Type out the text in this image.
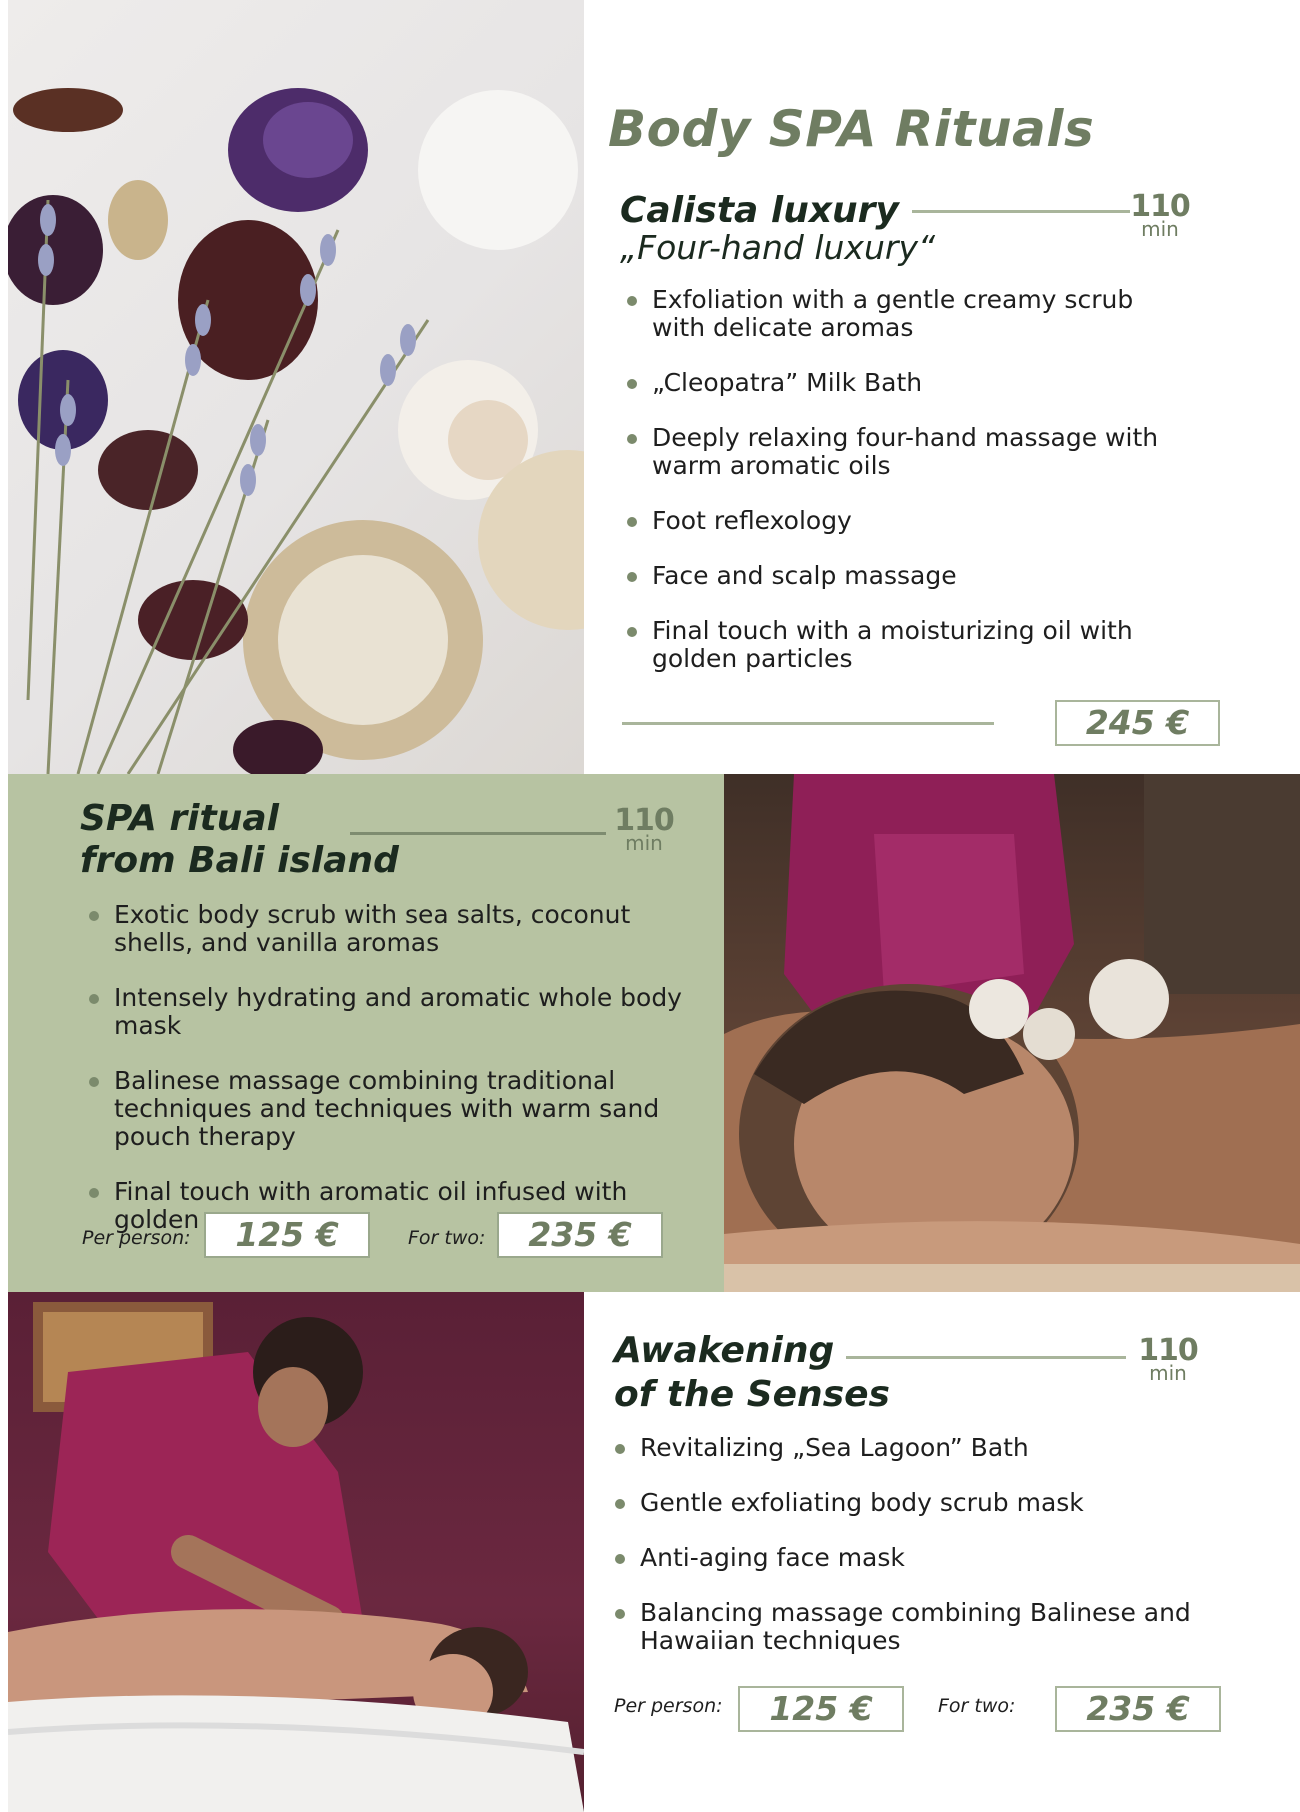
Body SPA Rituals
Calista luxury	110
min
„Four-hand luxury“
Exfoliation with a gentle creamy scrub with delicate aromas
„Cleopatra” Milk Bath
Deeply relaxing four-hand massage with warm aromatic oils
Foot reflexology
Face and scalp massage
Final touch with a moisturizing oil with golden particles
245 €
SPA ritual
from Bali island
110
min
Exotic body scrub with sea salts, coconut shells, and vanilla aromas
Intensely hydrating and aromatic whole body mask
Balinese massage combining traditional techniques and techniques with warm sand pouch therapy
Final touch with aromatic oil infused with golden
Per person:	125 €	For two:	235 €
Awakening
of the Senses
110
min
Revitalizing „Sea Lagoon” Bath
Gentle exfoliating body scrub mask
Anti-aging face mask
Balancing massage combining Balinese and Hawaiian techniques
Per person:	125 €	For two:	235 €
